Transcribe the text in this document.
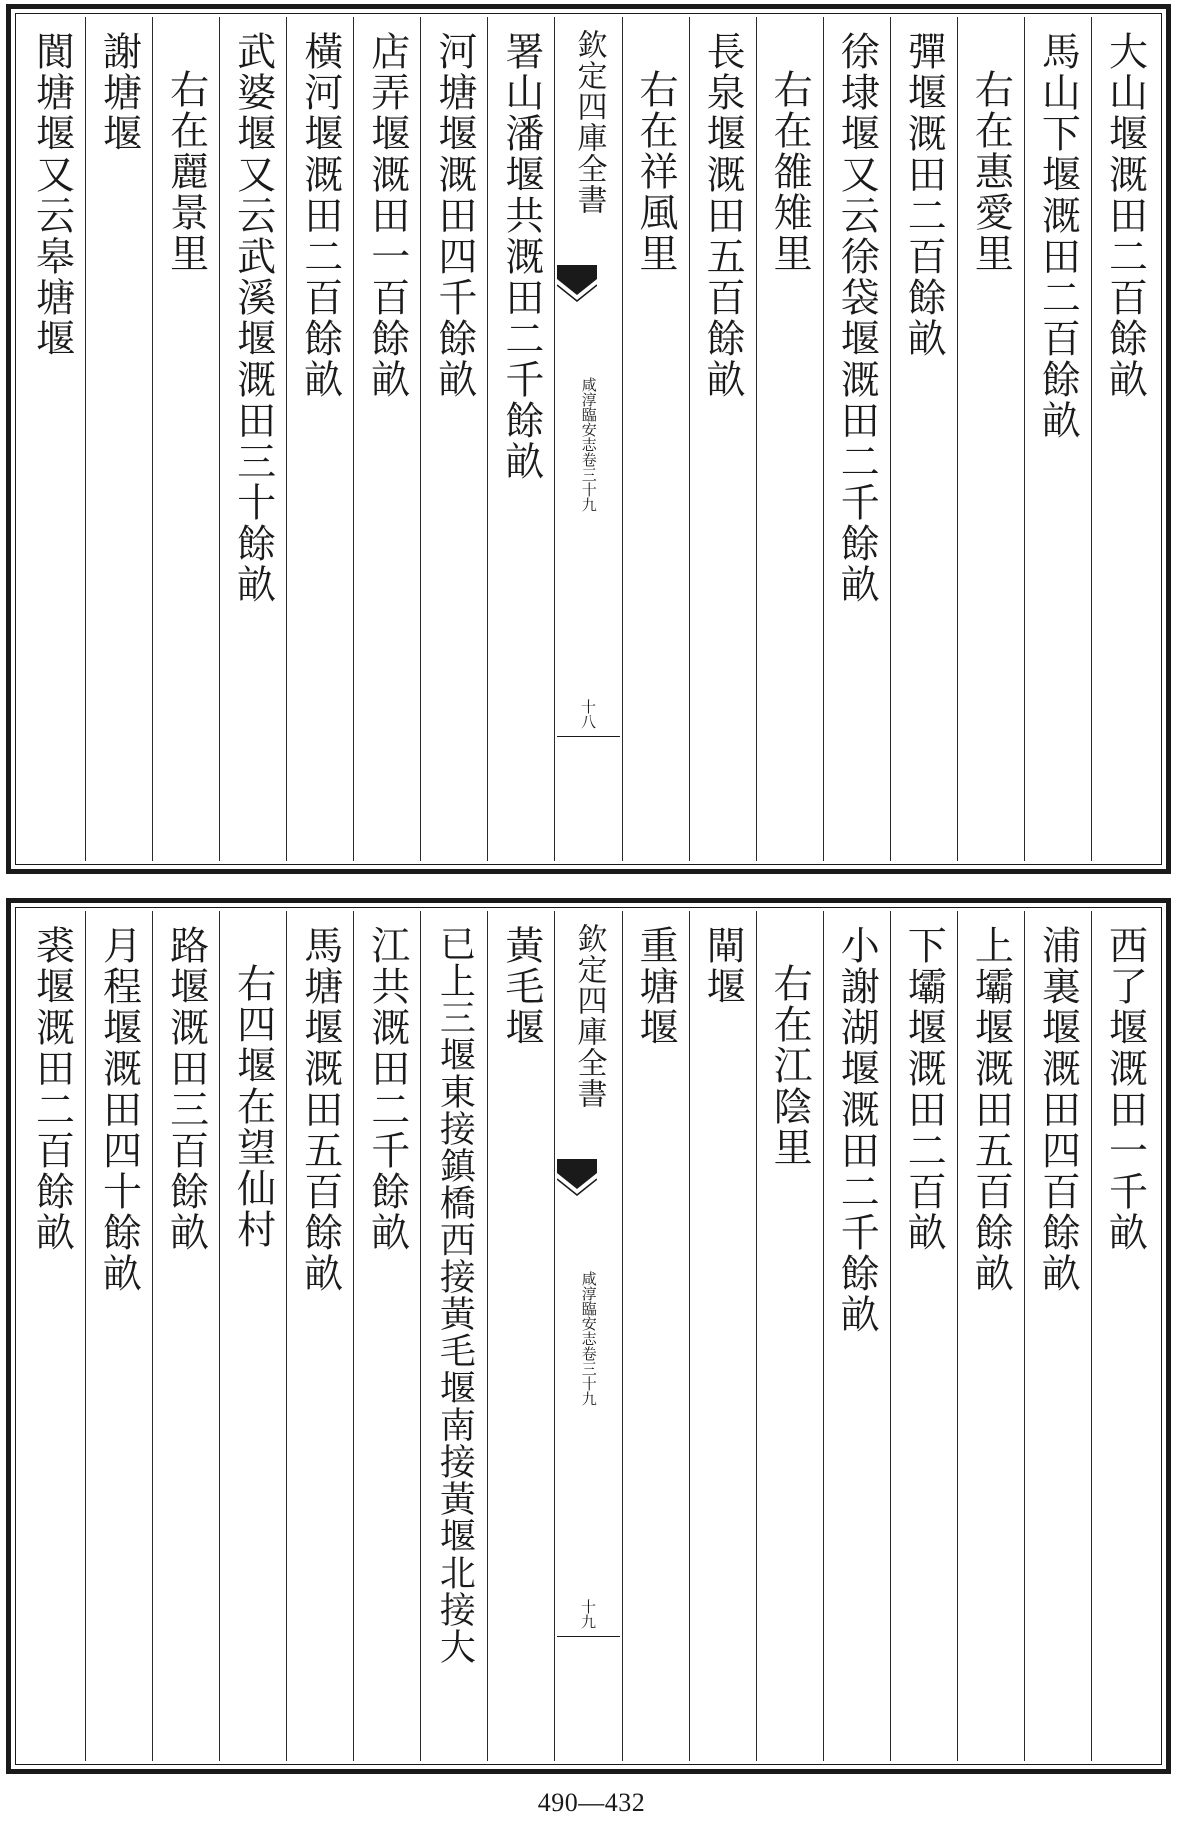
大山堰溉田二百餘畝
馬山下堰溉田二百餘畝
右在惠愛里
彈堰溉田二百餘畝
徐埭堰又云徐袋堰溉田二千餘畝
右在雒雉里
長泉堰溉田五百餘畝
右在祥風里
欽定四庫全書
咸淳臨安志卷三十九
十八
署山潘堰共溉田二千餘畝
河塘堰溉田四千餘畝
店弄堰溉田一百餘畝
橫河堰溉田二百餘畝
武婆堰又云武溪堰溉田三十餘畝
右在麗景里
謝塘堰
閬塘堰又云皋塘堰
西了堰溉田一千畝
浦裏堰溉田四百餘畝
上壩堰溉田五百餘畝
下壩堰溉田二百畝
小謝湖堰溉田二千餘畝
右在江陰里
閘堰
重塘堰
欽定四庫全書
咸淳臨安志卷三十九
十九
黃毛堰
已上三堰東接鎮橋西接黃毛堰南接黃堰北接大
江共溉田二千餘畝
馬塘堰溉田五百餘畝
右四堰在望仙村
路堰溉田三百餘畝
月程堰溉田四十餘畝
裘堰溉田二百餘畝
490—432
